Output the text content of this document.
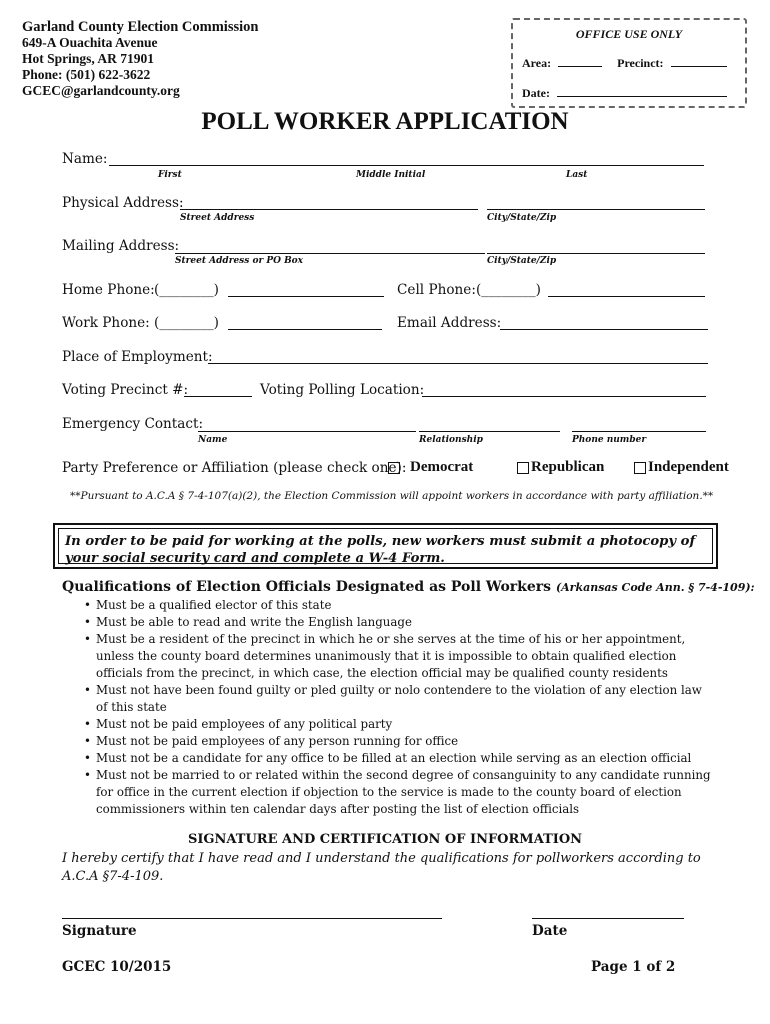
Garland County Election Commission
649-A Ouachita Avenue
Hot Springs, AR 71901
Phone: (501) 622-3622
GCEC@garlandcounty.org
OFFICE USE ONLY
Area:	Precinct:
Date:
POLL WORKER APPLICATION
Name:
First	Middle Initial	Last
Physical Address:
Street Address	City/State/Zip
Mailing Address:
Street Address or PO Box	City/State/Zip
Home Phone: (________)	Cell Phone: (________)
Work Phone: (________)	Email Address:
Place of Employment:
Voting Precinct #:	Voting Polling Location:
Emergency Contact:
Name	Relationship	Phone number
Party Preference or Affiliation (please check one): Democrat	Republican	Independent
**Pursuant to A.C.A § 7-4-107(a)(2), the Election Commission will appoint workers in accordance with party affiliation.**
In order to be paid for working at the polls, new workers must submit a photocopy of your social security card and complete a W-4 Form.
Qualifications of Election Officials Designated as Poll Workers (Arkansas Code Ann. § 7-4-109):
• Must be a qualified elector of this state
• Must be able to read and write the English language
• Must be a resident of the precinct in which he or she serves at the time of his or her appointment, unless the county board determines unanimously that it is impossible to obtain qualified election officials from the precinct, in which case, the election official may be qualified county residents
• Must not have been found guilty or pled guilty or nolo contendere to the violation of any election law of this state
• Must not be paid employees of any political party
• Must not be paid employees of any person running for office
• Must not be a candidate for any office to be filled at an election while serving as an election official
• Must not be married to or related within the second degree of consanguinity to any candidate running for office in the current election if objection to the service is made to the county board of election commissioners within ten calendar days after posting the list of election officials
SIGNATURE AND CERTIFICATION OF INFORMATION
I hereby certify that I have read and I understand the qualifications for pollworkers according to A.C.A §7-4-109.
Signature	Date
GCEC 10/2015	Page 1 of 2
